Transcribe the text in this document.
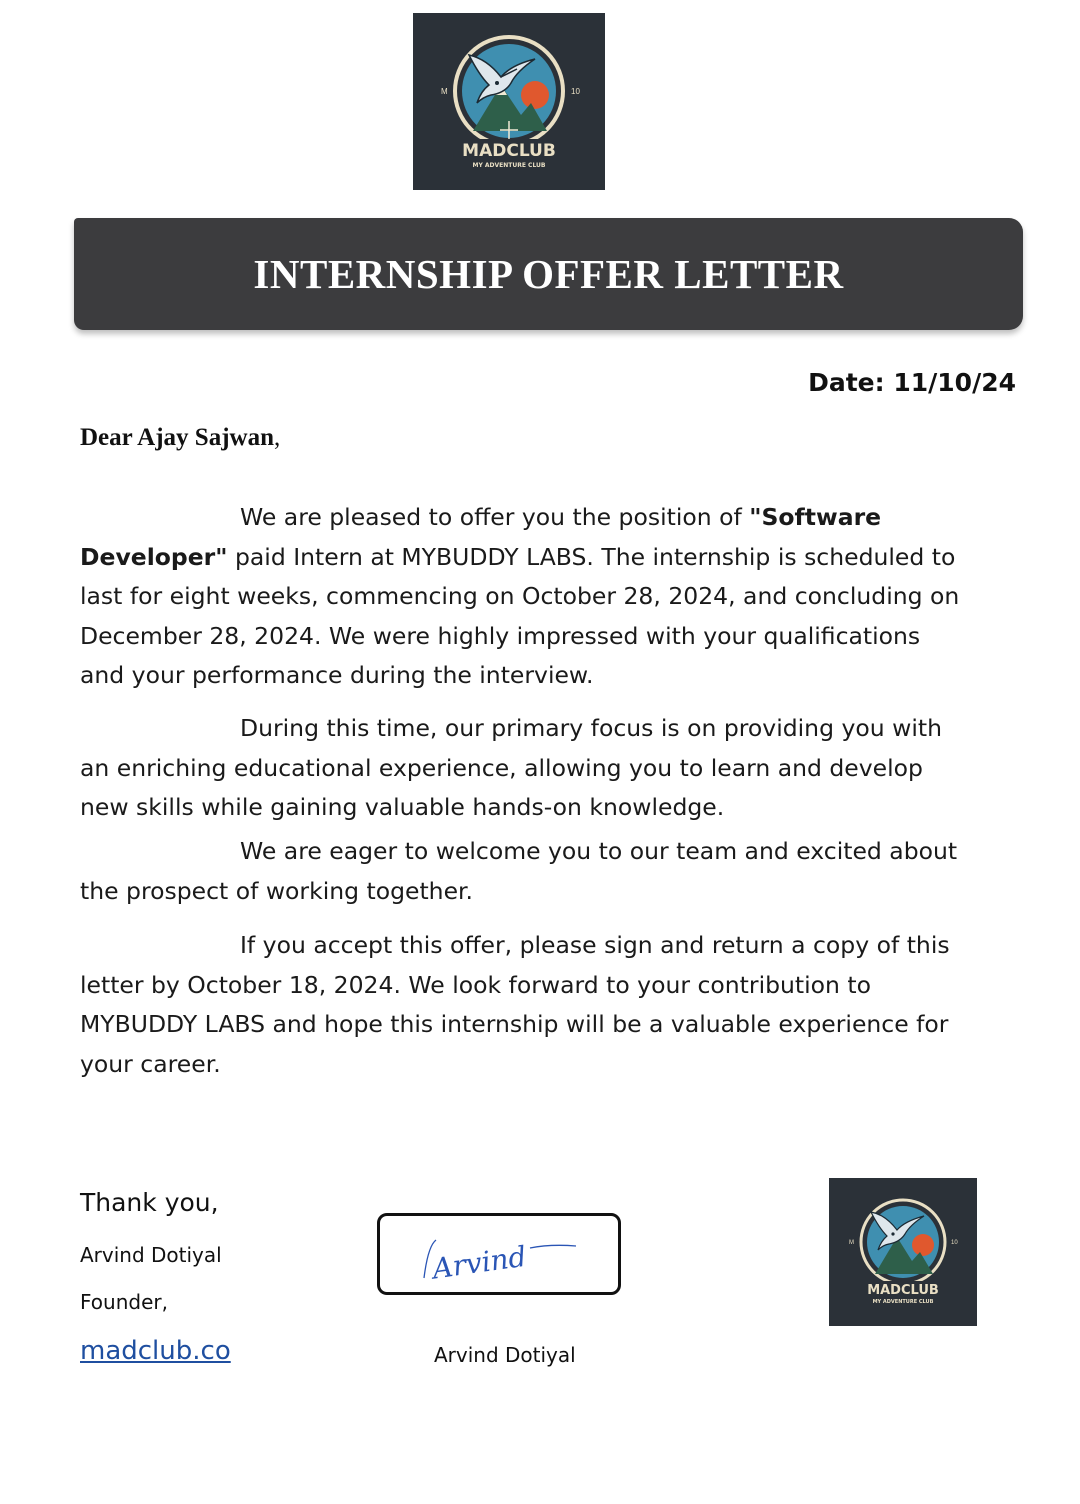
M	10
MADCLUB
MY ADVENTURE CLUB
INTERNSHIP OFFER LETTER
Date: 11/10/24
Dear Ajay Sajwan,

We are pleased to offer you the position of "Software Developer" paid Intern at MYBUDDY LABS. The internship is scheduled to last for eight weeks, commencing on October 28, 2024, and concluding on December 28, 2024. We were highly impressed with your qualifications and your performance during the interview.

During this time, our primary focus is on providing you with an enriching educational experience, allowing you to learn and develop new skills while gaining valuable hands-on knowledge.

We are eager to welcome you to our team and excited about the prospect of working together.

If you accept this offer, please sign and return a copy of this letter by October 18, 2024. We look forward to your contribution to MYBUDDY LABS and hope this internship will be a valuable experience for your career.

Thank you,
Arvind Dotiyal
Founder,
madclub.co
Arvind
Arvind Dotiyal
M	10
MADCLUB
MY ADVENTURE CLUB
